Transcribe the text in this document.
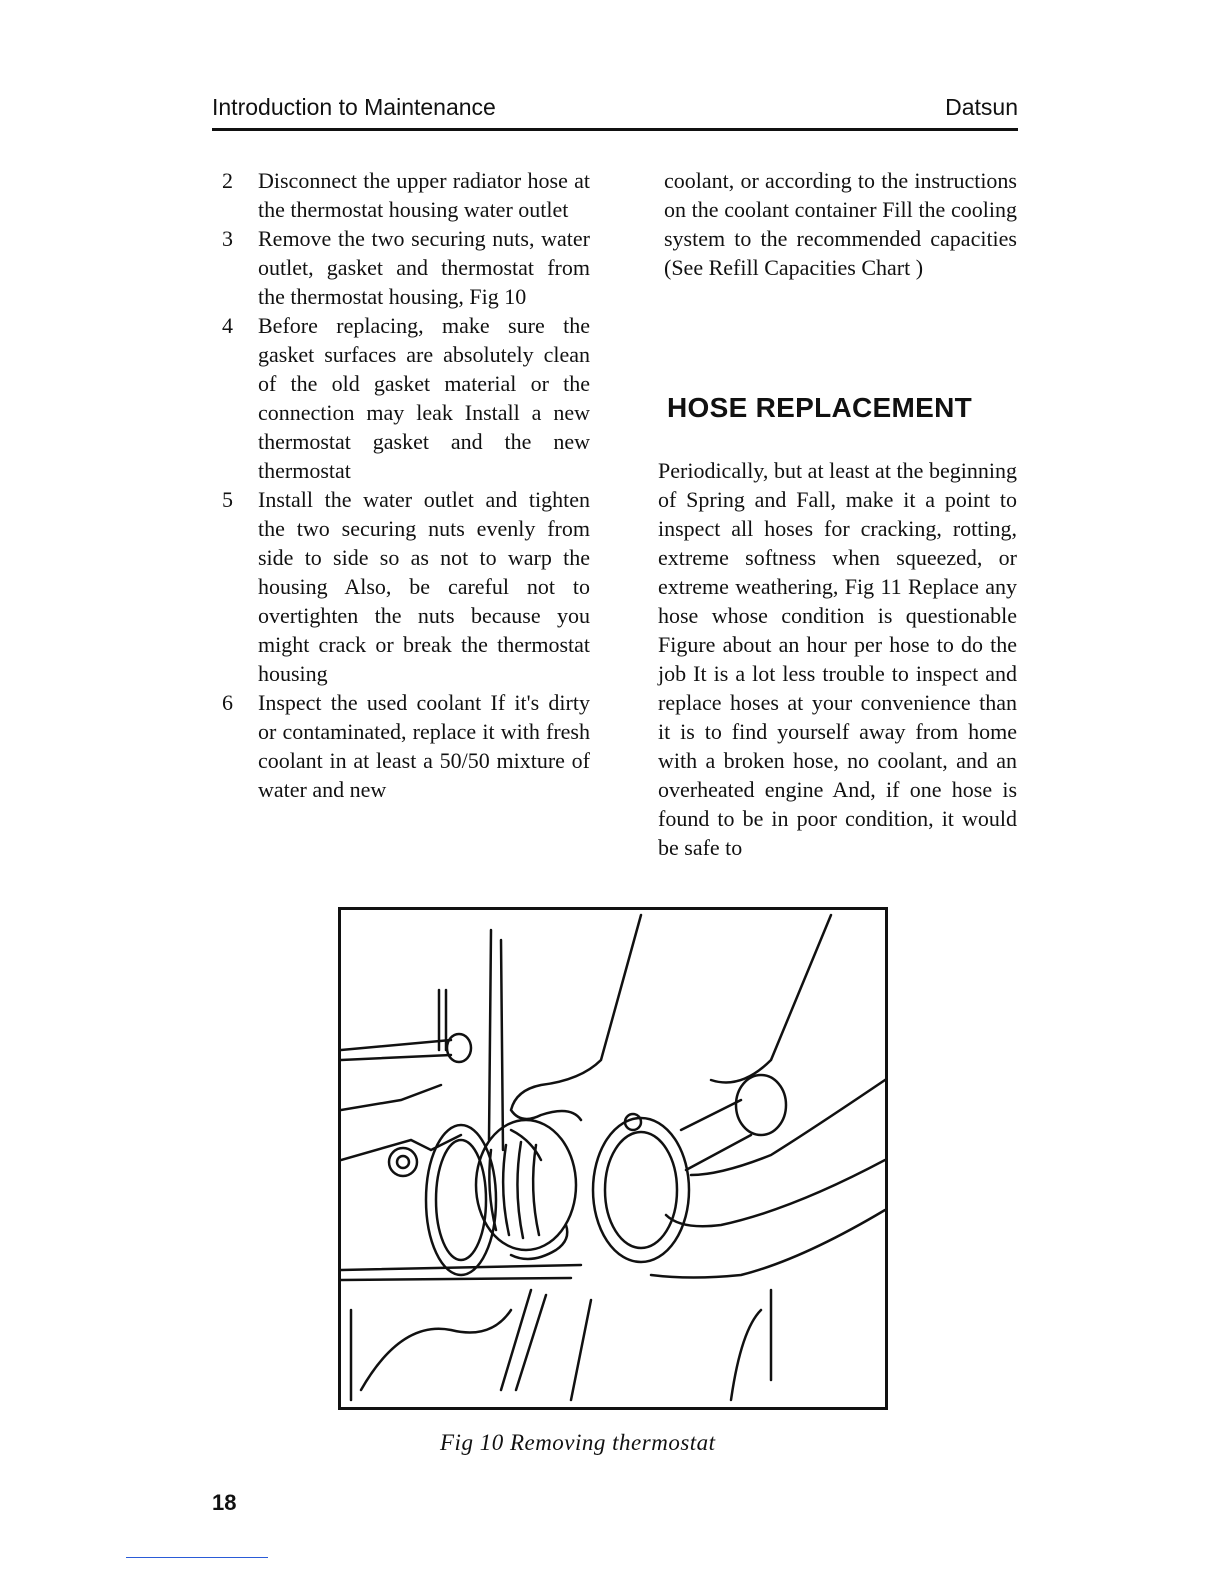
Introduction to Maintenance	Datsun
2 Disconnect the upper radiator hose at the thermostat housing water outlet
3 Remove the two securing nuts, water outlet, gasket and thermostat from the thermostat housing, Fig 10
4 Before replacing, make sure the gasket surfaces are absolutely clean of the old gasket material or the connection may leak Install a new thermostat gasket and the new thermostat
5 Install the water outlet and tighten the two securing nuts evenly from side to side so as not to warp the housing Also, be careful not to overtighten the nuts because you might crack or break the thermostat housing
6 Inspect the used coolant If it's dirty or contaminated, replace it with fresh coolant in at least a 50/50 mixture of water and new

coolant, or according to the instructions on the coolant container Fill the cooling system to the recommended capacities (See Refill Capacities Chart )

HOSE REPLACEMENT
Periodically, but at least at the beginning of Spring and Fall, make it a point to inspect all hoses for cracking, rotting, extreme softness when squeezed, or extreme weathering, Fig 11 Replace any hose whose condition is questionable Figure about an hour per hose to do the job It is a lot less trouble to inspect and replace hoses at your convenience than it is to find yourself away from home with a broken hose, no coolant, and an overheated engine And, if one hose is found to be in poor condition, it would be safe to
Fig 10 Removing thermostat
18
